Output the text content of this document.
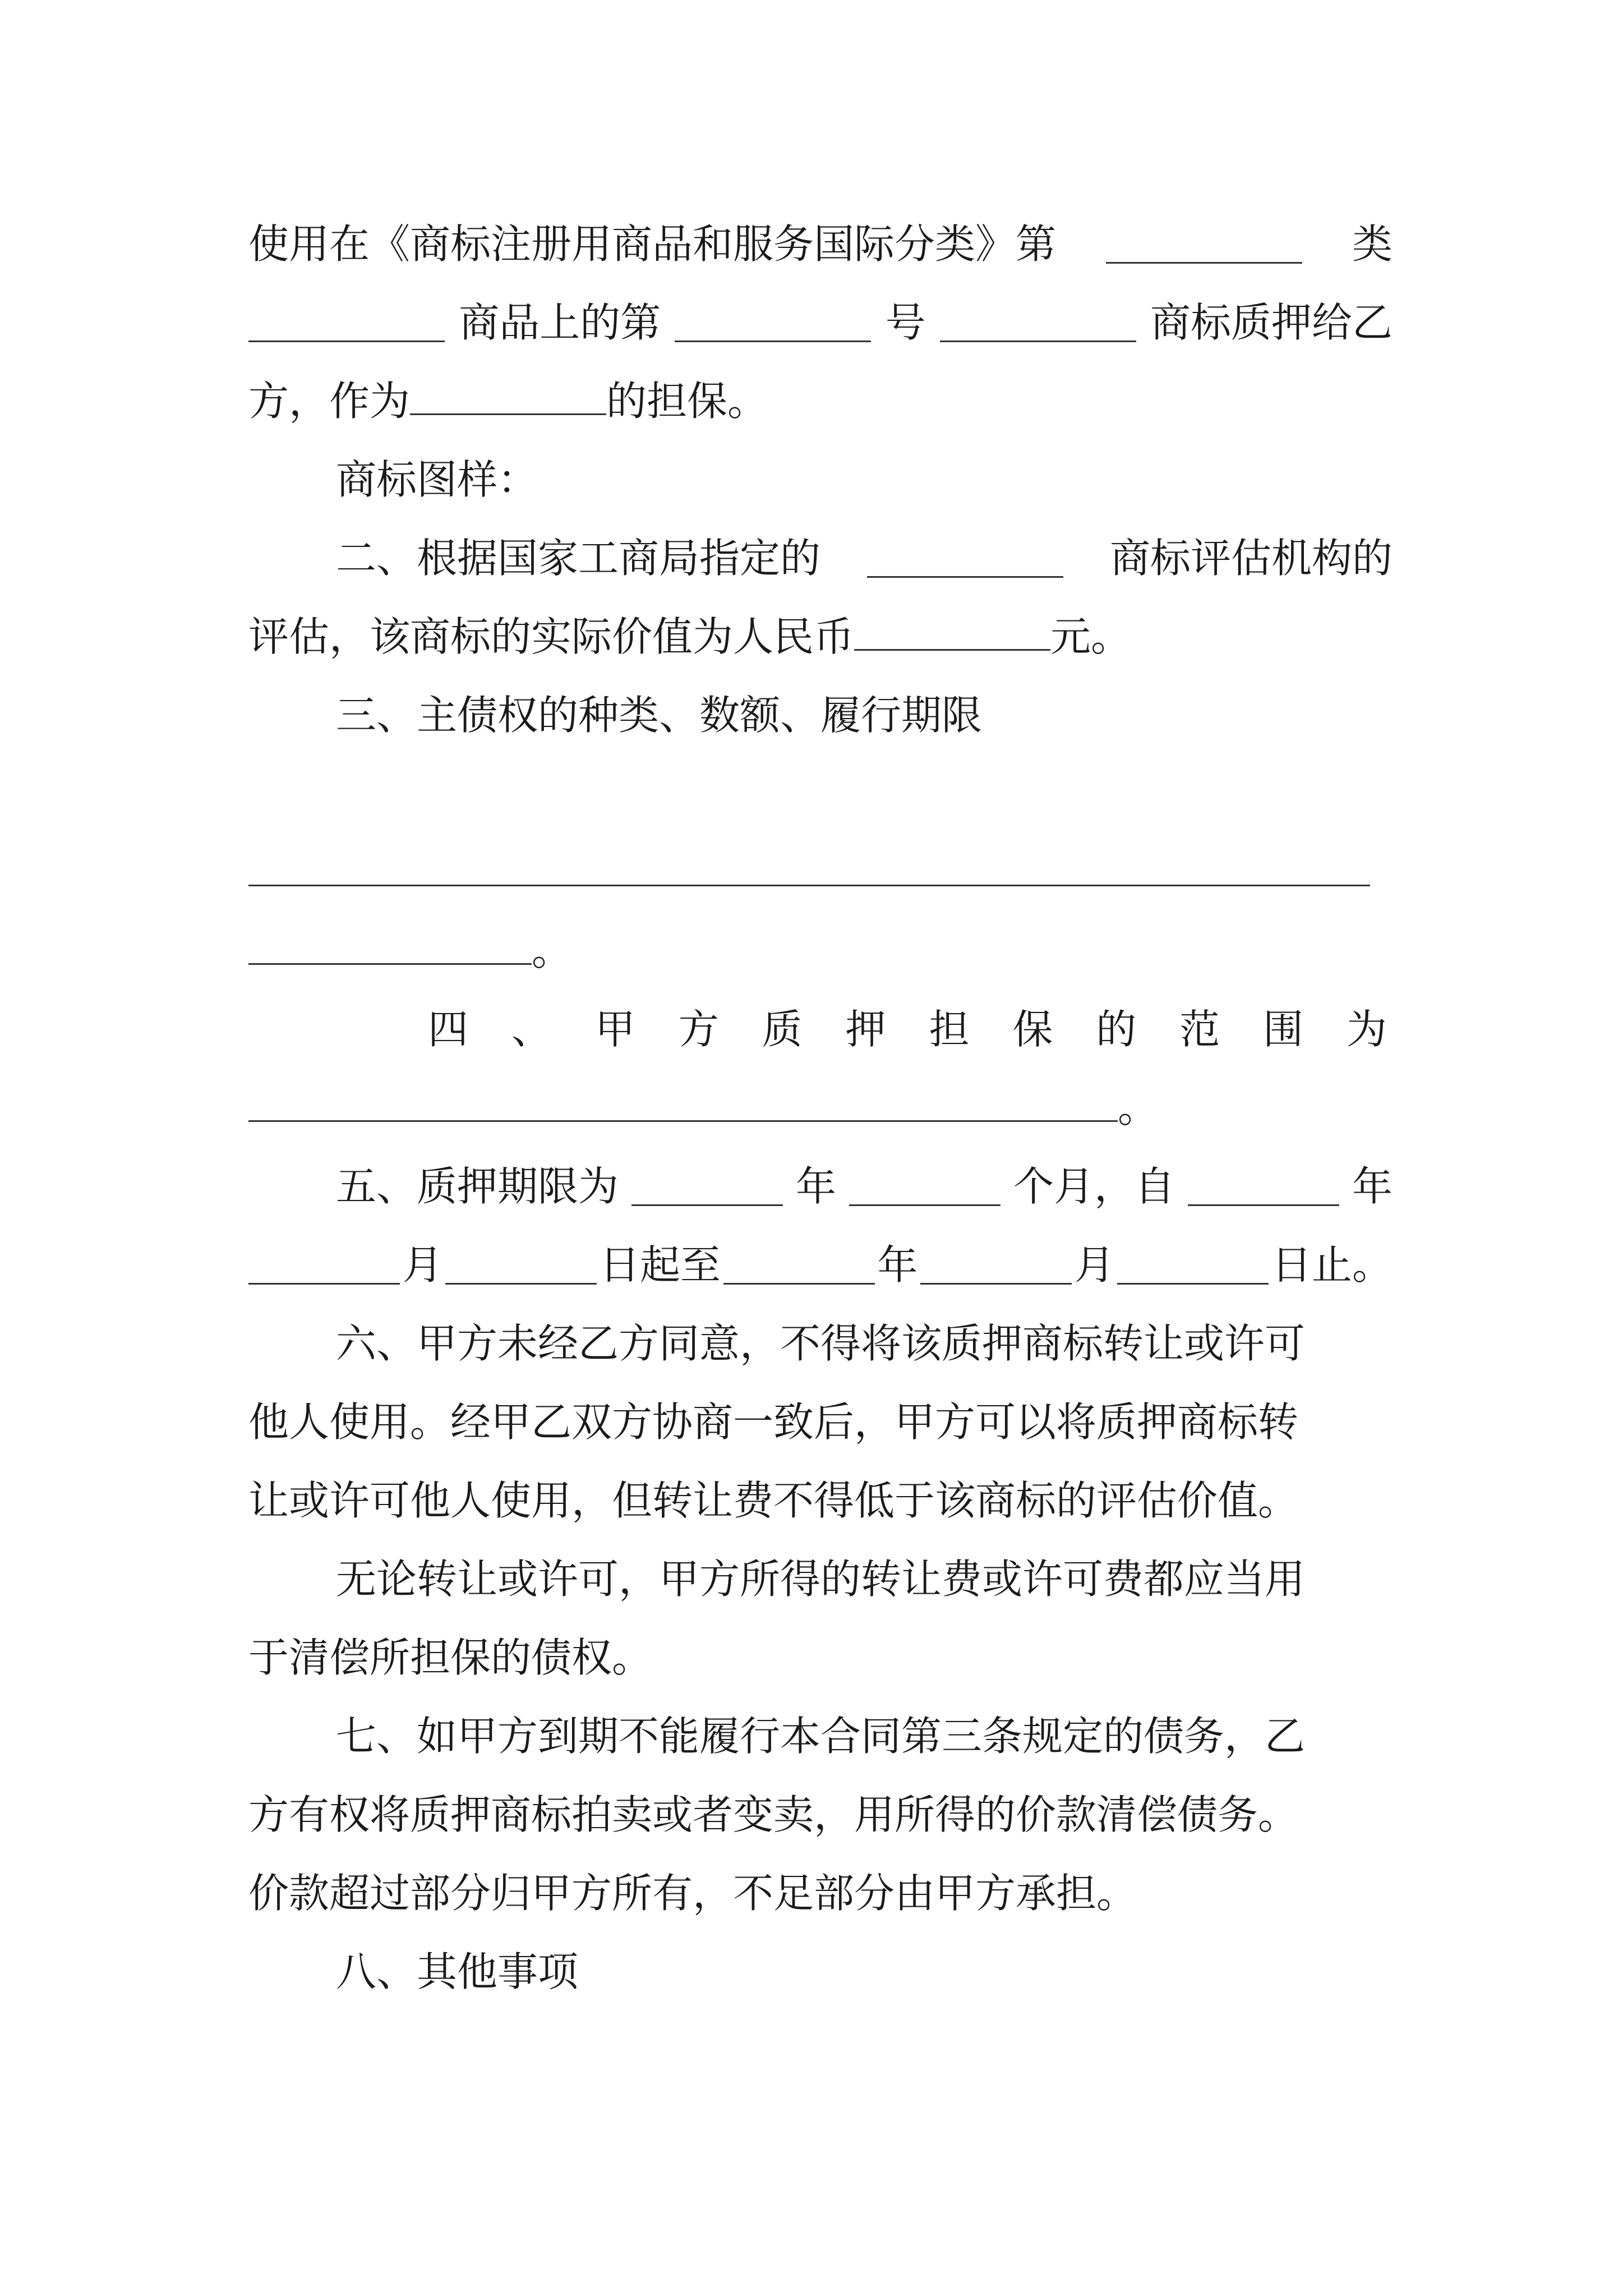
使用在《商标注册用商品和服务国际分类》第	类
商品上的第	号	商标质押给乙
方，作为	的担保。
商标图样：
二、根据国家工商局指定的	商标评估机构的
评估，该商标的实际价值为人民币	元。
三、主债权的种类、数额、履行期限
。
四 、 甲 方 质 押 担 保 的 范 围 为
。
五、质押期限为	年	个月，自	年
月	日起至	年	月	日止。
六、甲方未经乙方同意，不得将该质押商标转让或许可
他人使用。经甲乙双方协商一致后，甲方可以将质押商标转
让或许可他人使用，但转让费不得低于该商标的评估价值。
无论转让或许可，甲方所得的转让费或许可费都应当用
于清偿所担保的债权。
七、如甲方到期不能履行本合同第三条规定的债务，乙
方有权将质押商标拍卖或者变卖，用所得的价款清偿债务。
价款超过部分归甲方所有，不足部分由甲方承担。
八、其他事项
